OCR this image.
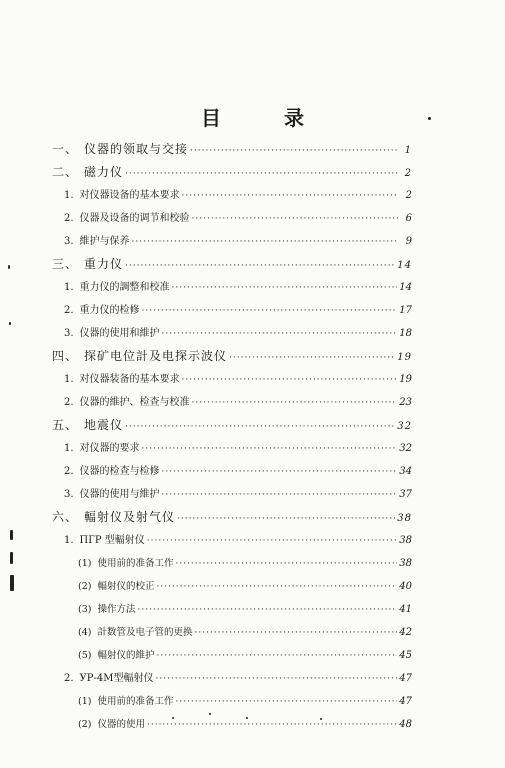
目 录
一、 仪器的领取与交接 ·····	1
二、 磁力仪 ·····	2
1. 对仪器设备的基本要求 ·····	2
2. 仪器及设备的调节和校验 ·····	6
3. 維护与保养 ·····	9
三、 重力仪 ·····	14
1. 重力仪的調整和校准 ·····	14
2. 重力仪的检修 ·····	17
3. 仪器的使用和維护 ·····	18
四、 探矿电位計及电探示波仪 ·····	19
1. 对仪器装备的基本要求 ·····	19
2. 仪器的維护、检查与校准 ·····	23
五、 地震仪 ·····	32
1. 对仪器的要求 ·····	32
2. 仪器的检查与检修 ·····	34
3. 仪器的使用与維护 ·····	37
六、 輻射仪及射气仪 ·····	38
1. ПГР 型輻射仪 ·····	38
(1) 使用前的准备工作 ·····	38
(2) 輻射仪的校正 ·····	40
(3) 操作方法 ·····	41
(4) 計数管及电子管的更换 ·····	42
(5) 輻射仪的維护 ·····	45
2. УР-4M型輻射仪 ·····	47
(1) 使用前的准备工作 ·····	47
(2) 仪器的使用 ·····	48
